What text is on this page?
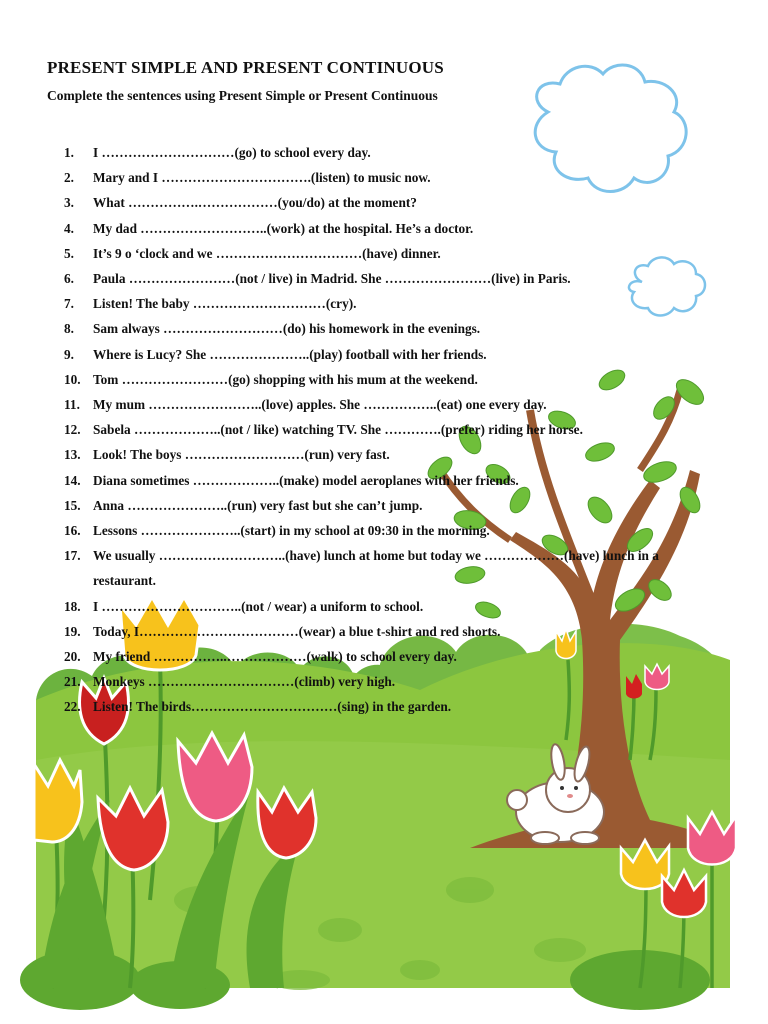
PRESENT SIMPLE AND PRESENT CONTINUOUS

Complete the sentences using Present Simple or Present Continuous

1.	I …………………………(go) to school every day.
2.	Mary and I …………………………….(listen) to music now.
3.	What …………….………………(you/do) at the moment?
4.	My dad ………………………..(work) at the hospital. He’s a doctor.
5.	It’s 9 o ‘clock and we ……………………………(have) dinner.
6.	Paula ……………………(not / live) in Madrid. She ……………………(live) in Paris.
7.	Listen! The baby …………………………(cry).
8.	Sam always ………………………(do) his homework in the evenings.
9.	Where is Lucy? She …………………..(play) football with her friends.
10. Tom ……………………(go) shopping with his mum at the weekend.
11. My mum ……………………..(love) apples. She ……………..(eat) one every day.
12. Sabela ………………..(not / like) watching TV. She ………….(prefer) riding her horse.
13. Look! The boys ………………………(run) very fast.
14. Diana sometimes ………………..(make) model aeroplanes with her friends.
15. Anna …………………..(run) very fast but she can’t jump.
16. Lessons …………………..(start) in my school at 09:30 in the morning.
17. We usually ………………………..(have) lunch at home but today we ………………(have) lunch in a restaurant.
18. I …………………………..(not / wear) a uniform to school.
19. Today, I………………………………(wear) a blue t-shirt and red shorts.
20. My friend ……………..………………(walk) to school every day.
21. Monkeys ……………………………(climb) very high.
22. Listen! The birds……………………………(sing) in the garden.
